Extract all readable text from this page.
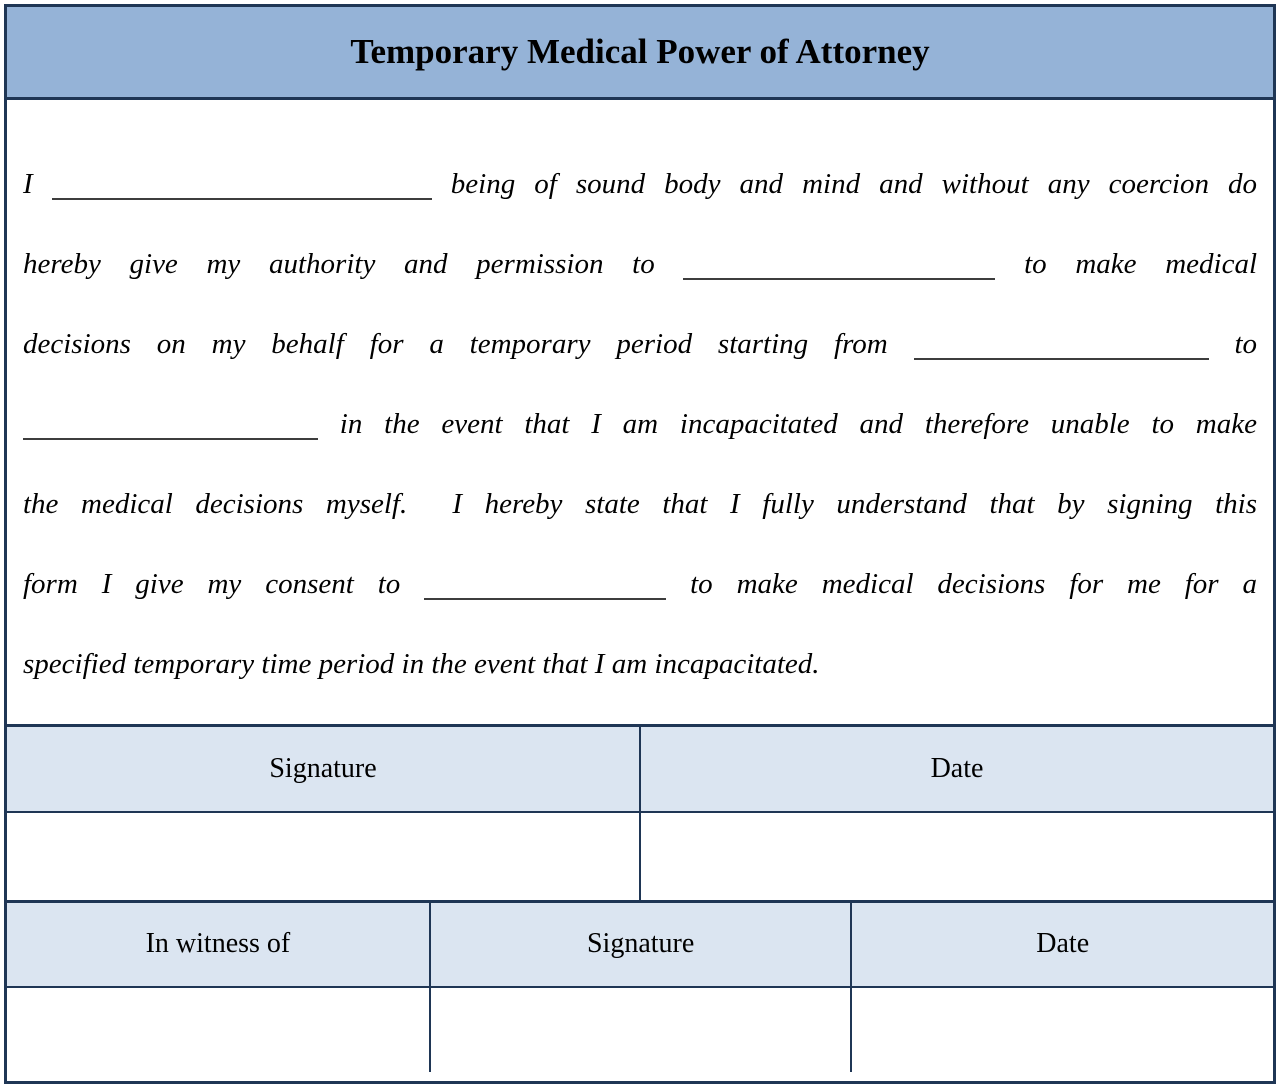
Temporary Medical Power of Attorney
I	being of sound body and mind and without any coercion do
hereby give my authority and permission to	to make medical
decisions on my behalf for a temporary period starting from	to
in the event that I am incapacitated and therefore unable to make
the medical decisions myself.  I hereby state that I fully understand that by signing this
form I give my consent to	to make medical decisions for me for a
specified temporary time period in the event that I am incapacitated.
Signature	Date

In witness of	Signature	Date
